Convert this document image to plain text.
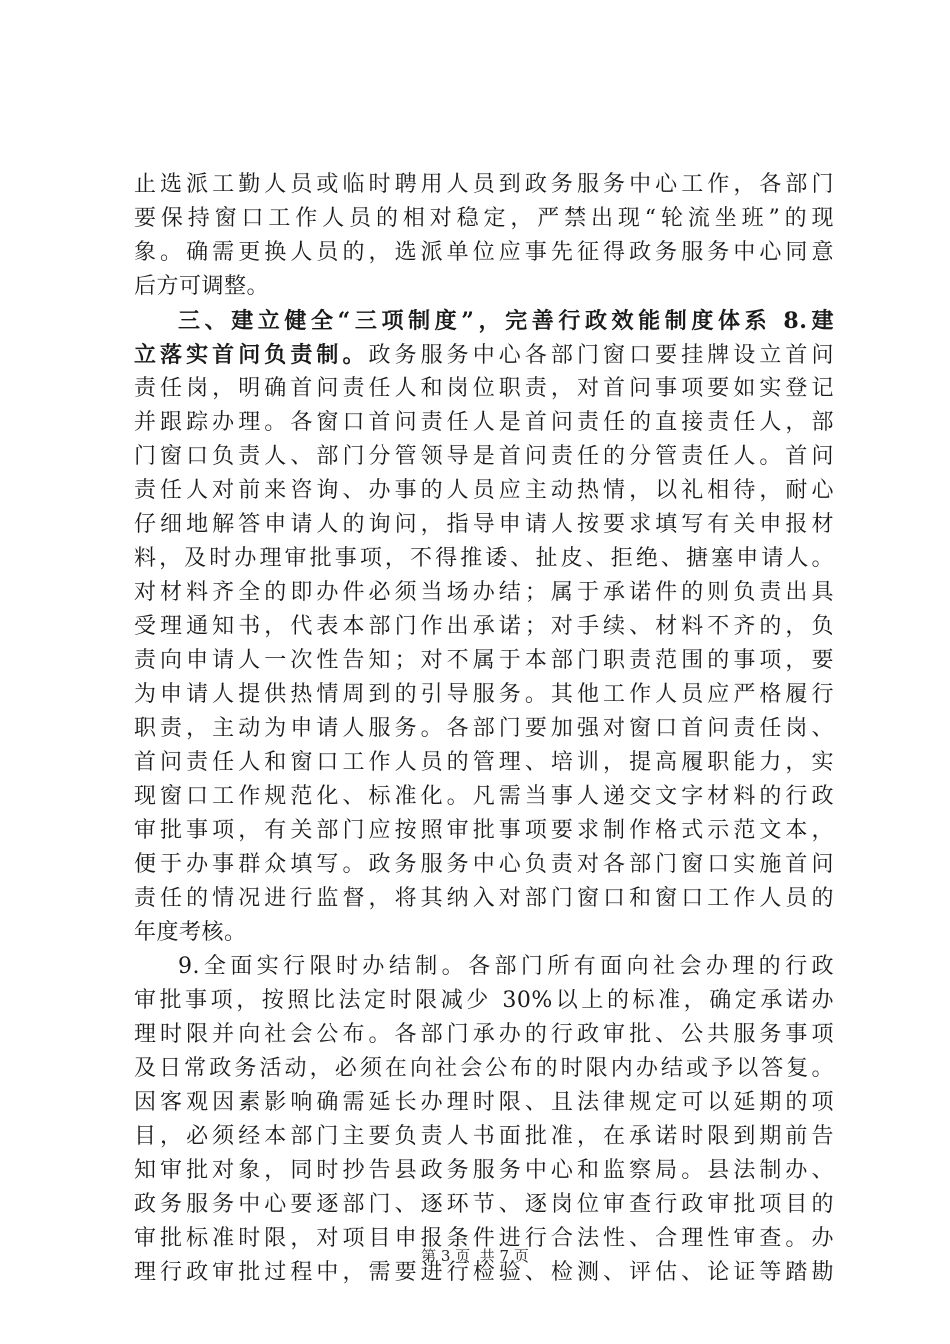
止选派工勤人员或临时聘用人员到政务服务中心工作，各部门
要保持窗口工作人员的相对稳定，严禁出现“轮流坐班”的现
象。确需更换人员的，选派单位应事先征得政务服务中心同意
后方可调整。
三、建立健全“三项制度”，完善行政效能制度体系 8.建
立落实首问负责制。政务服务中心各部门窗口要挂牌设立首问
责任岗，明确首问责任人和岗位职责，对首问事项要如实登记
并跟踪办理。各窗口首问责任人是首问责任的直接责任人，部
门窗口负责人、部门分管领导是首问责任的分管责任人。首问
责任人对前来咨询、办事的人员应主动热情，以礼相待，耐心
仔细地解答申请人的询问，指导申请人按要求填写有关申报材
料，及时办理审批事项，不得推诿、扯皮、拒绝、搪塞申请人。
对材料齐全的即办件必须当场办结；属于承诺件的则负责出具
受理通知书，代表本部门作出承诺；对手续、材料不齐的，负
责向申请人一次性告知；对不属于本部门职责范围的事项，要
为申请人提供热情周到的引导服务。其他工作人员应严格履行
职责，主动为申请人服务。各部门要加强对窗口首问责任岗、
首问责任人和窗口工作人员的管理、培训，提高履职能力，实
现窗口工作规范化、标准化。凡需当事人递交文字材料的行政
审批事项，有关部门应按照审批事项要求制作格式示范文本，
便于办事群众填写。政务服务中心负责对各部门窗口实施首问
责任的情况进行监督，将其纳入对部门窗口和窗口工作人员的
年度考核。
9.全面实行限时办结制。各部门所有面向社会办理的行政
审批事项，按照比法定时限减少 30%以上的标准，确定承诺办
理时限并向社会公布。各部门承办的行政审批、公共服务事项
及日常政务活动，必须在向社会公布的时限内办结或予以答复。
因客观因素影响确需延长办理时限、且法律规定可以延期的项
目，必须经本部门主要负责人书面批准，在承诺时限到期前告
知审批对象，同时抄告县政务服务中心和监察局。县法制办、
政务服务中心要逐部门、逐环节、逐岗位审查行政审批项目的
审批标准时限，对项目申报条件进行合法性、合理性审查。办
理行政审批过程中，需要进行检验、检测、评估、论证等踏勘
第 3 页  共 7 页
